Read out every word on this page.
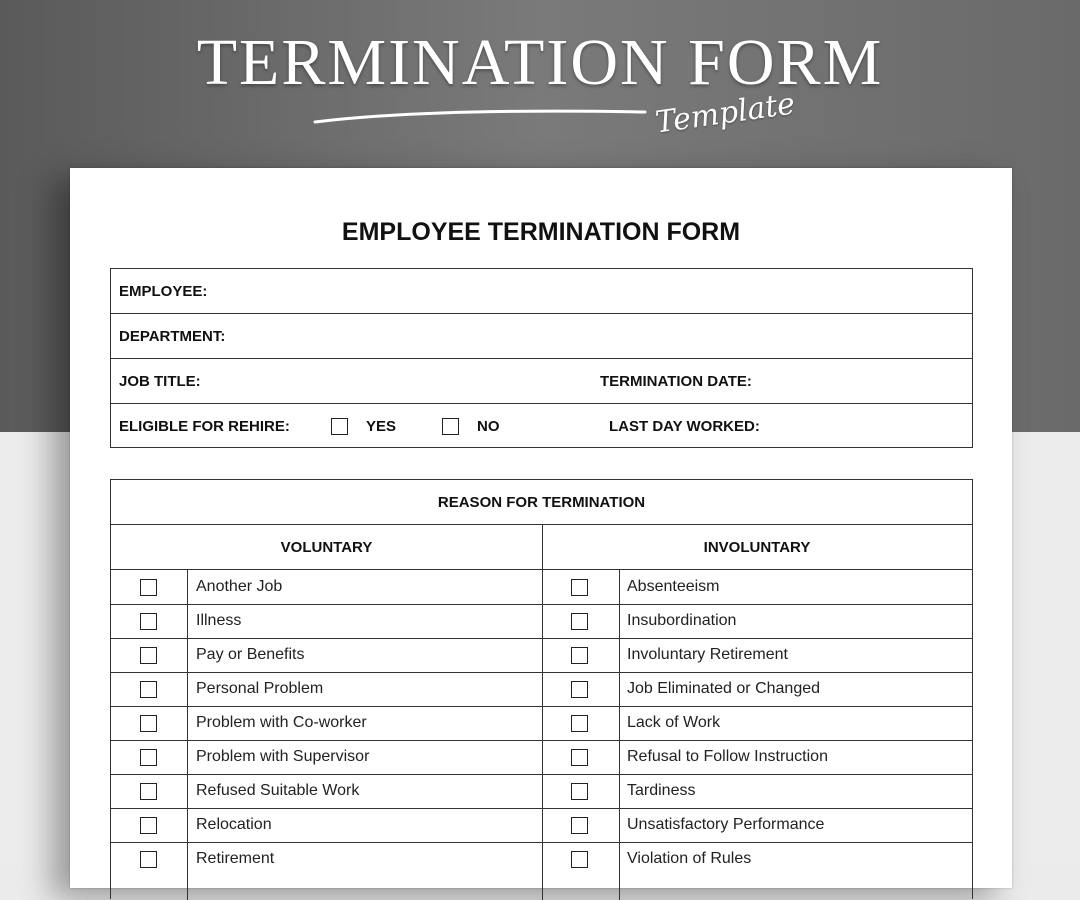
TERMINATION FORM
Template
EMPLOYEE TERMINATION FORM
EMPLOYEE:
DEPARTMENT:
JOB TITLE:	TERMINATION DATE:
ELIGIBLE FOR REHIRE:	YES	NO	LAST DAY WORKED:
REASON FOR TERMINATION
VOLUNTARY	INVOLUNTARY
Another Job	Absenteeism
Illness	Insubordination
Pay or Benefits	Involuntary Retirement
Personal Problem	Job Eliminated or Changed
Problem with Co-worker	Lack of Work
Problem with Supervisor	Refusal to Follow Instruction
Refused Suitable Work	Tardiness
Relocation	Unsatisfactory Performance
Retirement	Violation of Rules
